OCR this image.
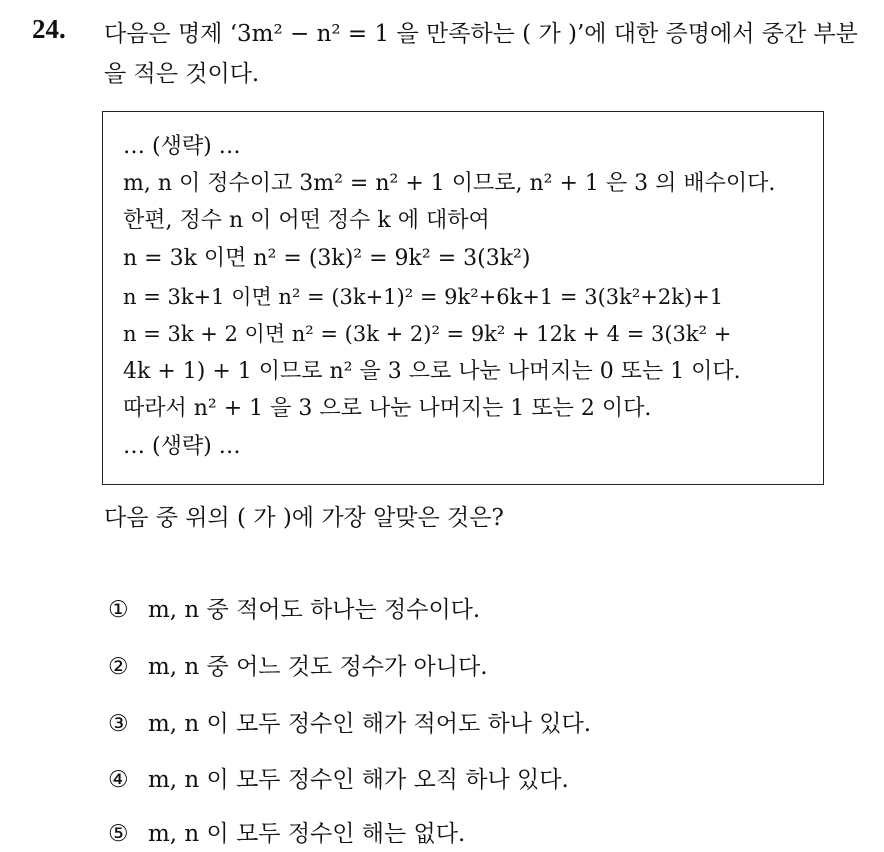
24. 다음은 명제 ‘3m² − n² = 1 을 만족하는 ( 가 )’에 대한 증명에서 중간 부분을 적은 것이다.
… (생략) …
m, n 이 정수이고 3m² = n² + 1 이므로, n² + 1 은 3 의 배수이다.
한편, 정수 n 이 어떤 정수 k 에 대하여
n = 3k 이면 n² = (3k)² = 9k² = 3(3k²)
n = 3k+1 이면 n² = (3k+1)² = 9k²+6k+1 = 3(3k²+2k)+1
n = 3k + 2 이면 n² = (3k + 2)² = 9k² + 12k + 4 = 3(3k² +
4k + 1) + 1 이므로 n² 을 3 으로 나눈 나머지는 0 또는 1 이다.
따라서 n² + 1 을 3 으로 나눈 나머지는 1 또는 2 이다.
… (생략) …
다음 중 위의 ( 가 )에 가장 알맞은 것은?
① m, n 중 적어도 하나는 정수이다.
② m, n 중 어느 것도 정수가 아니다.
③ m, n 이 모두 정수인 해가 적어도 하나 있다.
④ m, n 이 모두 정수인 해가 오직 하나 있다.
⑤ m, n 이 모두 정수인 해는 없다.
